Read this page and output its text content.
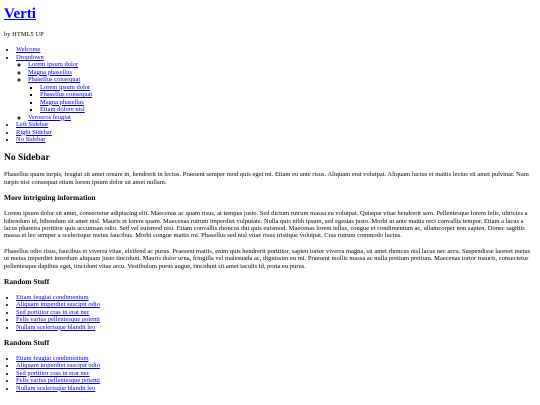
Verti

by HTML5 UP

• Welcome
• Dropdown
◦ Lorem ipsum dolor
◦ Magna phasellus
◦ Phasellus consequat
▪ Lorem ipsum dolor
▪ Phasellus consequat
▪ Magna phasellus
▪ Etiam dolore nisl
◦ Veroeros feugiat
• Left Sidebar
• Right Sidebar
• No Sidebar
No Sidebar

Phasellus quam turpis, feugiat sit amet ornare in, hendrerit in lectus. Praesent semper mod quis eget mi. Etiam eu ante risus. Aliquam erat volutpat. Aliquam luctus et mattis lectus sit amet pulvinar. Nam turpis nisi consequat etiam lorem ipsum dolor sit amet nullam.

More intriguing information

Lorem ipsum dolor sit amet, consectetur adipiscing elit. Maecenas ac quam risus, at tempus justo. Sed dictum rutrum massa eu volutpat. Quisque vitae hendrerit sem. Pellentesque lorem felis, ultricies a bibendum id, bibendum sit amet nisl. Mauris et lorem quam. Maecenas rutrum imperdiet vulputate. Nulla quis nibh ipsum, sed egestas justo. Morbi ut ante mattis orci convallis tempor. Etiam a lacus a lacus pharetra porttitor quis accumsan odio. Sed vel euismod nisi. Etiam convallis rhoncus dui quis euismod. Maecenas lorem tellus, congue et condimentum ac, ullamcorper non sapien. Donec sagittis massa et leo semper a scelerisque metus faucibus. Morbi congue mattis mi. Phasellus sed nisl vitae risus tristique volutpat. Cras rutrum commodo luctus.

Phasellus odio risus, faucibus et viverra vitae, eleifend ac purus. Praesent mattis, enim quis hendrerit porttitor, sapien tortor viverra magna, sit amet rhoncus nisl lacus nec arcu. Suspendisse laoreet metus ut metus imperdiet interdum aliquam justo tincidunt. Mauris dolor urna, fringilla vel malesuada ac, dignissim eu mi. Praesent mollis massa ac nulla pretium pretium. Maecenas tortor mauris, consectetur pellentesque dapibus eget, tincidunt vitae arcu. Vestibulum purus augue, tincidunt sit amet iaculis id, porta eu purus.

Random Stuff
• Etiam feugiat condimentum
• Aliquam imperdiet suscipit odio
• Sed porttitor cras in erat nec
• Felis varius pellentesque potenti
• Nullam scelerisque blandit leo
Random Stuff
• Etiam feugiat condimentum
• Aliquam imperdiet suscipit odio
• Sed porttitor cras in erat nec
• Felis varius pellentesque potenti
• Nullam scelerisque blandit leo
